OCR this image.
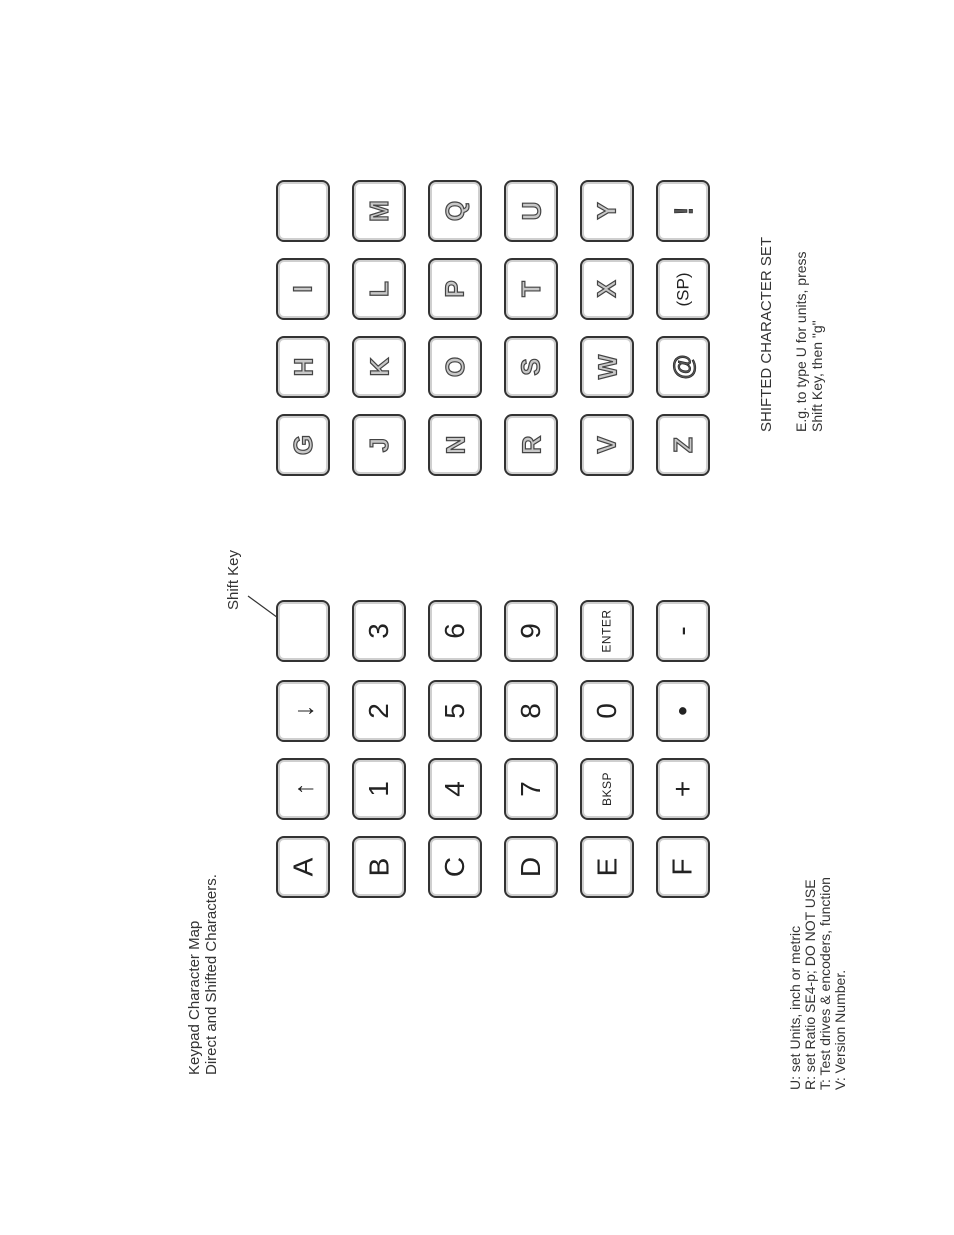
Keypad Character Map Direct and Shifted Characters.
Shift Key
A
↑
↓
B
1
2
3
C
4
5
6
D
7
8
9
E
BKSP
0
ENTER
F
+
•
-
G
H
I
J
K
L
M
N
O
P
Q
R
S
T
U
V
W
X
Y
Z
@
(SP)
!
U: set Units, inch or metric R: set Ratio SE4-p; DO NOT USE T: Test drives & encoders, function V: Version Number.
SHIFTED CHARACTER SET E.g. to type U for units, press Shift Key, then "g"
